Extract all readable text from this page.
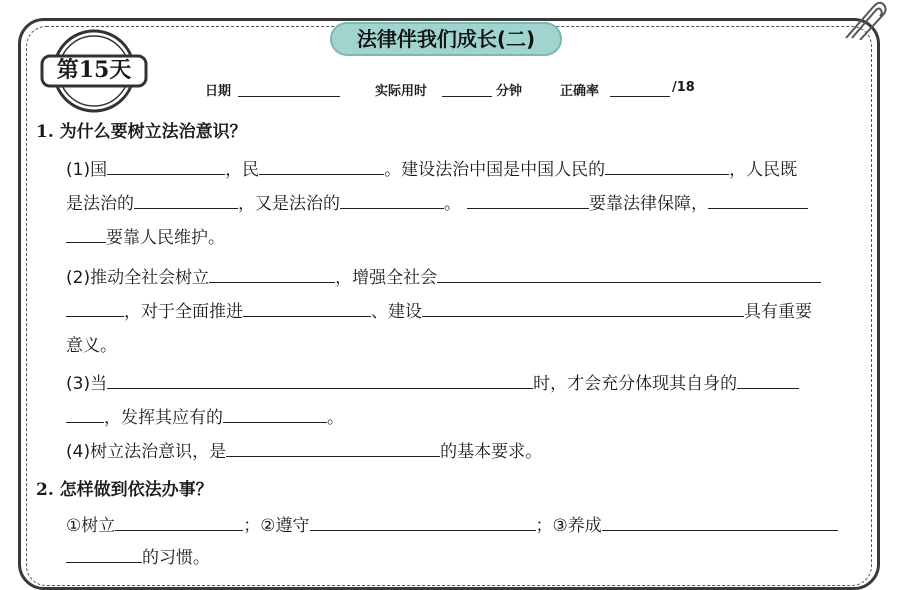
法律伴我们成长(二)
第15天
日期	实际用时	分钟	正确率	/18
1. 为什么要树立法治意识？
(1)国	，民	。建设法治中国是中国人民的	，人民既
是法治的	，又是法治的	。	要靠法律保障，
要靠人民维护。
(2)推动全社会树立	，增强全社会
，对于全面推进	、建设	具有重要
意义。
(3)当	时，才会充分体现其自身的
，发挥其应有的	。
(4)树立法治意识，是	的基本要求。
2. 怎样做到依法办事？
①树立	；②遵守	；③养成
的习惯。
